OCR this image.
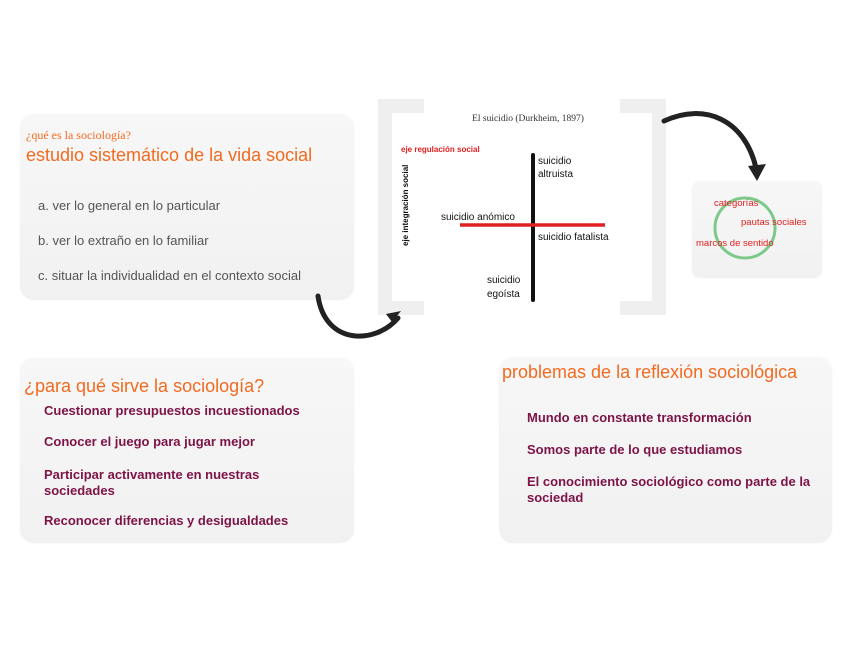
¿qué es la sociología?
estudio sistemático de la vida social
a. ver lo general en lo particular
b. ver lo extraño en lo familiar
c. situar la individualidad en el contexto social
¿para qué sirve la sociología?
Cuestionar presupuestos incuestionados
Conocer el juego para jugar mejor
Participar activamente en nuestras sociedades
Reconocer diferencias y desigualdades
problemas de la reflexión sociológica
Mundo en constante transformación
Somos parte de lo que estudiamos
El conocimiento sociológico como parte de la sociedad
El suicidio (Durkheim, 1897)
eje regulación social
eje integración social
suicidio
altruista
suicidio anómico
suicidio fatalista
suicidio
egoísta
categorías
pautas sociales
marcos de sentido
